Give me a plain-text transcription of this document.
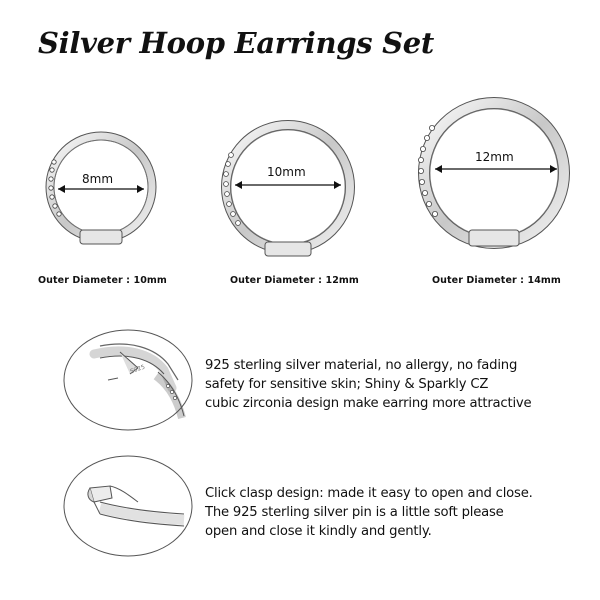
Silver Hoop Earrings Set
8mm
Outer Diameter : 10mm
10mm
Outer Diameter : 12mm
12mm
Outer Diameter : 14mm
S925	925 sterling silver material, no allergy, no fading
safety for sensitive skin; Shiny & Sparkly CZ
cubic zirconia design make earring more attractive
Click clasp design: made it easy to open and close.
The 925 sterling silver pin is a little soft please
open and close it kindly and gently.
